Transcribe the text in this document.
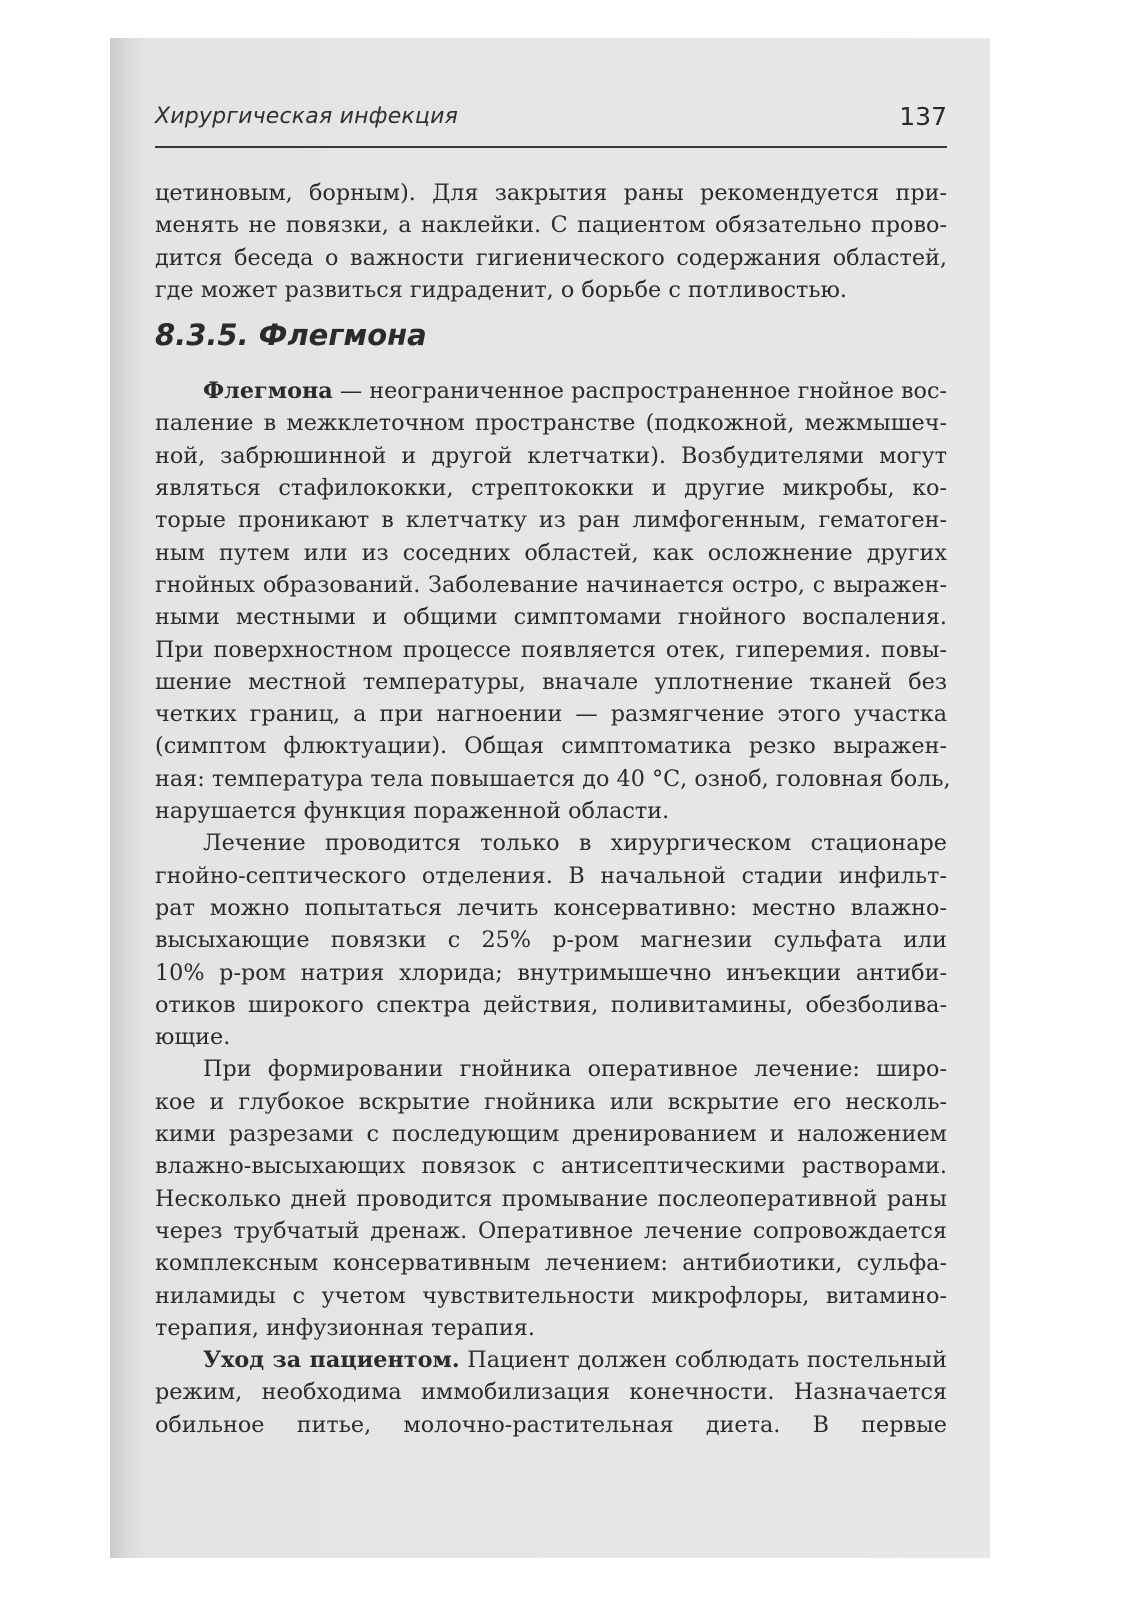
Хирургическая инфекция	137
8.3.5. Флегмона

цетиновым, борным). Для закрытия раны рекомендуется при-
менять не повязки, а наклейки. С пациентом обязательно прово-
дится беседа о важности гигиенического содержания областей,
где может развиться гидраденит, о борьбе с потливостью.

Флегмона — неограниченное распространенное гнойное вос-
паление в межклеточном пространстве (подкожной, межмышеч-
ной, забрюшинной и другой клетчатки). Возбудителями могут
являться стафилококки, стрептококки и другие микробы, ко-
торые проникают в клетчатку из ран лимфогенным, гематоген-
ным путем или из соседних областей, как осложнение других
гнойных образований. Заболевание начинается остро, с выражен-
ными местными и общими симптомами гнойного воспаления.
При поверхностном процессе появляется отек, гиперемия. повы-
шение местной температуры, вначале уплотнение тканей без
четких границ, а при нагноении — размягчение этого участка
(симптом флюктуации). Общая симптоматика резко выражен-
ная: температура тела повышается до 40 °С, озноб, головная боль,
нарушается функция пораженной области.

Лечение проводится только в хирургическом стационаре
гнойно-септического отделения. В начальной стадии инфильт-
рат можно попытаться лечить консервативно: местно влажно-
высыхающие повязки с 25% р-ром магнезии сульфата или
10% р-ром натрия хлорида; внутримышечно инъекции антиби-
отиков широкого спектра действия, поливитамины, обезболива-
ющие.

При формировании гнойника оперативное лечение: широ-
кое и глубокое вскрытие гнойника или вскрытие его несколь-
кими разрезами с последующим дренированием и наложением
влажно-высыхающих повязок с антисептическими растворами.
Несколько дней проводится промывание послеоперативной раны
через трубчатый дренаж. Оперативное лечение сопровождается
комплексным консервативным лечением: антибиотики, сульфа-
ниламиды с учетом чувствительности микрофлоры, витамино-
терапия, инфузионная терапия.

Уход за пациентом. Пациент должен соблюдать постельный
режим, необходима иммобилизация конечности. Назначается
обильное питье, молочно-растительная диета. В первые
